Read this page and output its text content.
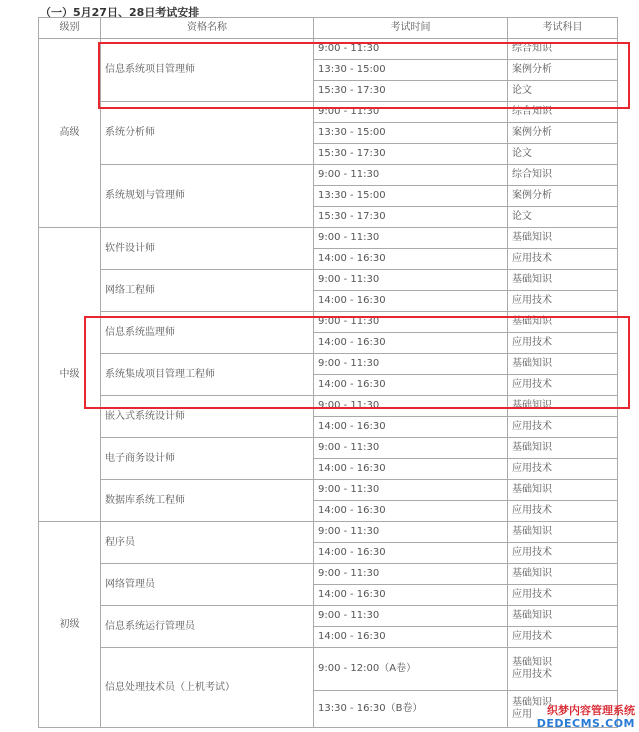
（一）5月27日、28日考试安排
级别	资格名称	考试时间	考试科目
高级	信息系统项目管理师	9:00 - 11:30	综合知识
		13:30 - 15:00	案例分析
		15:30 - 17:30	论文
	系统分析师	9:00 - 11:30	综合知识
		13:30 - 15:00	案例分析
		15:30 - 17:30	论文
	系统规划与管理师	9:00 - 11:30	综合知识
		13:30 - 15:00	案例分析
		15:30 - 17:30	论文
中级	软件设计师	9:00 - 11:30	基础知识
		14:00 - 16:30	应用技术
	网络工程师	9:00 - 11:30	基础知识
		14:00 - 16:30	应用技术
	信息系统监理师	9:00 - 11:30	基础知识
		14:00 - 16:30	应用技术
	系统集成项目管理工程师	9:00 - 11:30	基础知识
		14:00 - 16:30	应用技术
	嵌入式系统设计师	9:00 - 11:30	基础知识
		14:00 - 16:30	应用技术
	电子商务设计师	9:00 - 11:30	基础知识
		14:00 - 16:30	应用技术
	数据库系统工程师	9:00 - 11:30	基础知识
		14:00 - 16:30	应用技术
初级	程序员	9:00 - 11:30	基础知识
		14:00 - 16:30	应用技术
	网络管理员	9:00 - 11:30	基础知识
		14:00 - 16:30	应用技术
	信息系统运行管理员	9:00 - 11:30	基础知识
		14:00 - 16:30	应用技术
	信息处理技术员（上机考试）	9:00 - 12:00（A卷）	基础知识
应用技术

		13:30 - 16:30（B卷）	基础知识
应用	织梦内容管理系统
DEDECMS.COM
